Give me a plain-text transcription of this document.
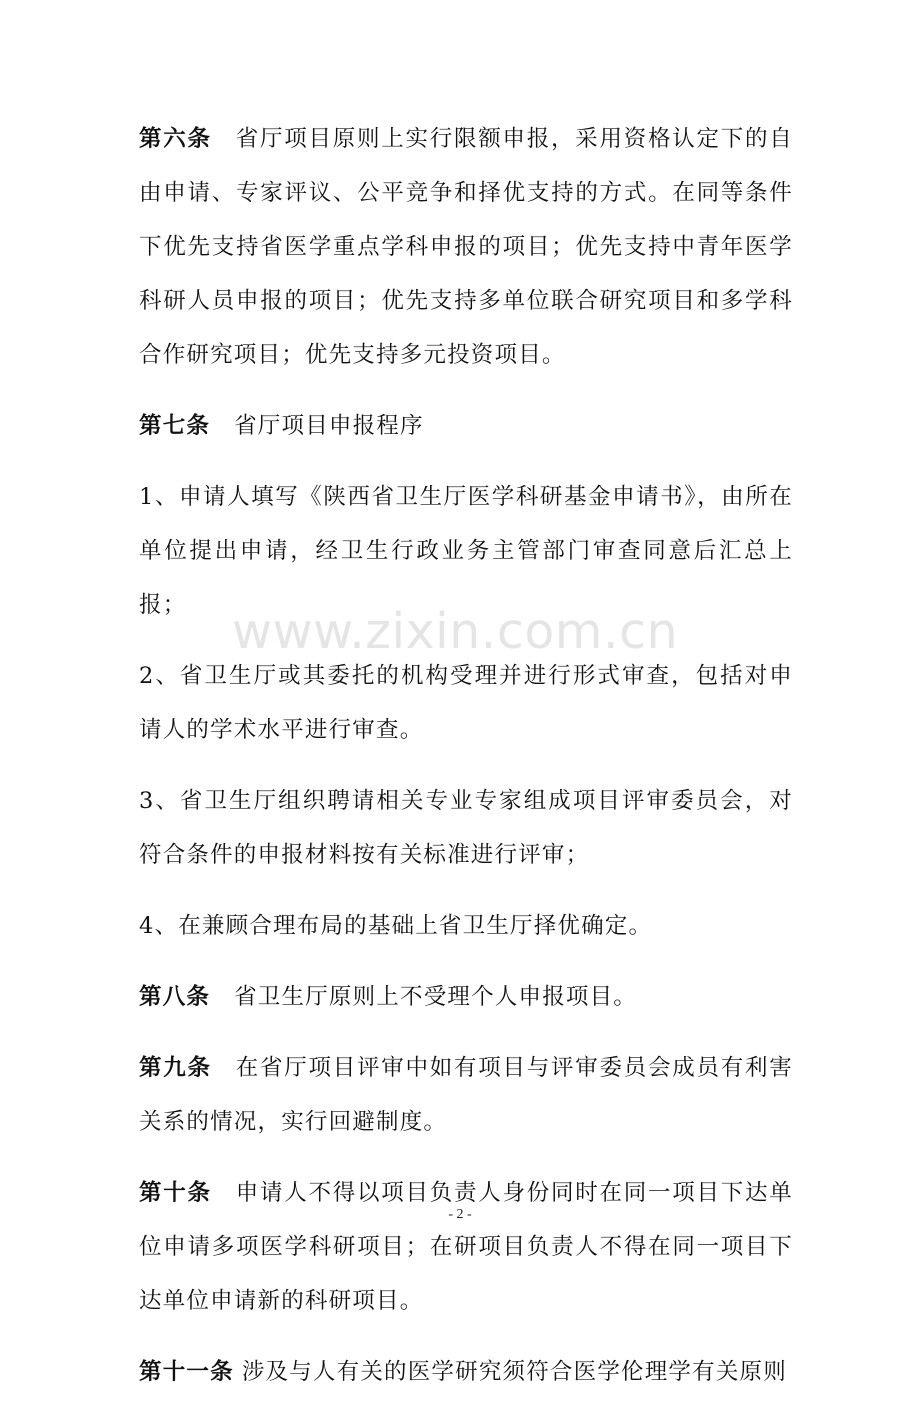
第六条 省厅项目原则上实行限额申报，采用资格认定下的自由申请、专家评议、公平竞争和择优支持的方式。在同等条件下优先支持省医学重点学科申报的项目；优先支持中青年医学科研人员申报的项目；优先支持多单位联合研究项目和多学科合作研究项目；优先支持多元投资项目。

第七条 省厅项目申报程序

1、申请人填写《陕西省卫生厅医学科研基金申请书》，由所在单位提出申请，经卫生行政业务主管部门审查同意后汇总上报；

2、省卫生厅或其委托的机构受理并进行形式审查，包括对申请人的学术水平进行审查。

3、省卫生厅组织聘请相关专业专家组成项目评审委员会，对符合条件的申报材料按有关标准进行评审；

4、在兼顾合理布局的基础上省卫生厅择优确定。

第八条 省卫生厅原则上不受理个人申报项目。

第九条 在省厅项目评审中如有项目与评审委员会成员有利害关系的情况，实行回避制度。

第十条 申请人不得以项目负责人身份同时在同一项目下达单位申请多项医学科研项目；在研项目负责人不得在同一项目下达单位申请新的科研项目。

第十一条 涉及与人有关的医学研究须符合医学伦理学有关原则

www.zixin.com.cn
- 2 -
